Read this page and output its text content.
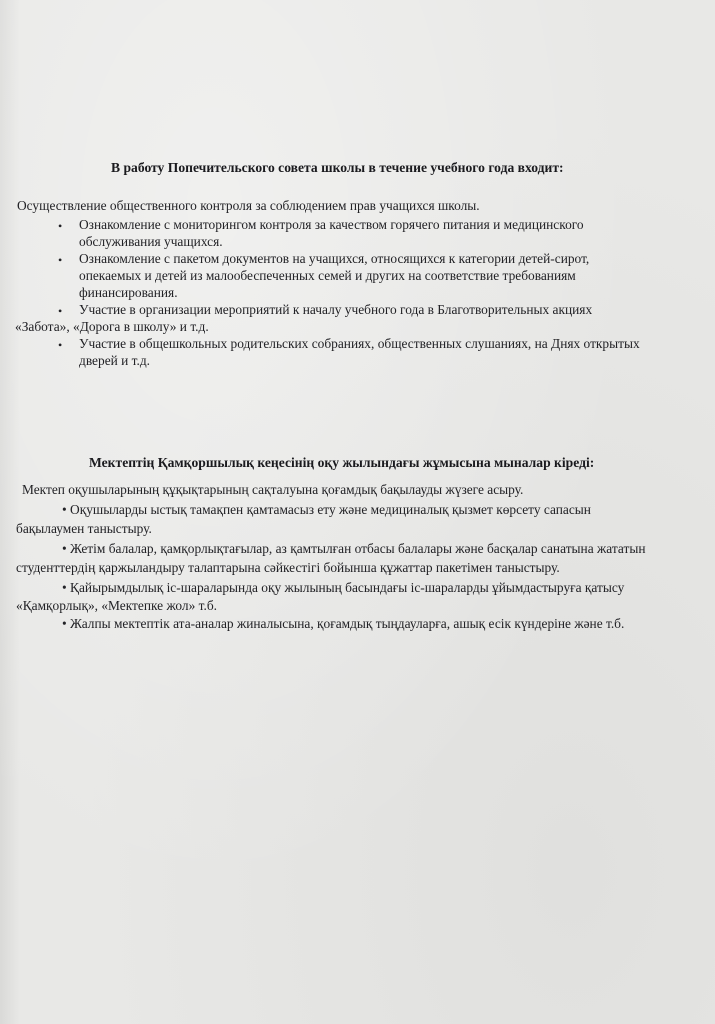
В работу Попечительского совета школы в течение учебного года входит:
Осуществление общественного контроля за соблюдением прав учащихся школы.
• Ознакомление с мониторингом контроля за качеством горячего питания и медицинского
обслуживания учащихся.
• Ознакомление с пакетом документов на учащихся, относящихся к категории детей-сирот,
опекаемых и детей из малообеспеченных семей и других на соответствие требованиям
финансирования.
• Участие в организации мероприятий к началу учебного года в Благотворительных акциях
«Забота», «Дорога в школу» и т.д.
• Участие в общешкольных родительских собраниях, общественных слушаниях, на Днях открытых
дверей и т.д.
Мектептің Қамқоршылық кеңесінің оқу жылындағы жұмысына мыналар кіреді:
Мектеп оқушыларының құқықтарының сақталуына қоғамдық бақылауды жүзеге асыру.
• Оқушыларды ыстық тамақпен қамтамасыз ету және медициналық қызмет көрсету сапасын
бақылаумен таныстыру.
• Жетім балалар, қамқорлықтағылар, аз қамтылған отбасы балалары және басқалар санатына жататын
студенттердің қаржыландыру талаптарына сәйкестігі бойынша құжаттар пакетімен таныстыру.
• Қайырымдылық іс-шараларында оқу жылының басындағы іс-шараларды ұйымдастыруға қатысу
«Қамқорлық», «Мектепке жол» т.б.
• Жалпы мектептік ата-аналар жиналысына, қоғамдық тыңдауларға, ашық есік күндеріне және т.б.
